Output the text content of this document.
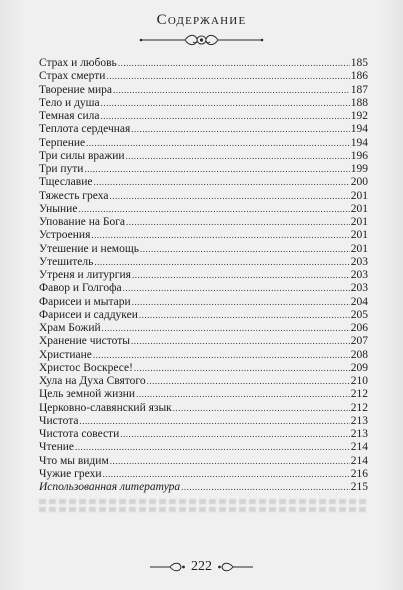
Содержание
Страх и любовь .....	185
Страх смерти .....	186
Творение мира .....	187
Тело и душа .....	188
Темная сила .....	192
Теплота сердечная .....	194
Терпение .....	194
Три силы вражии .....	196
Три пути .....	199
Тщеславие .....	200
Тяжесть греха .....	201
Уныние .....	201
Упование на Бога .....	201
Устроения .....	201
Утешение и немощь .....	201
Утешитель .....	203
Утреня и литургия .....	203
Фавор и Голгофа .....	203
Фарисеи и мытари .....	204
Фарисеи и саддукеи .....	205
Храм Божий .....	206
Хранение чистоты .....	207
Христиане .....	208
Христос Воскресе! .....	209
Хула на Духа Святого .....	210
Цель земной жизни .....	212
Церковно-славянский язык .....	212
Чистота .....	213
Чистота совести .....	213
Чтение .....	214
Что мы видим .....	214
Чужие грехи .....	216
Использованная литература .....	215
222
